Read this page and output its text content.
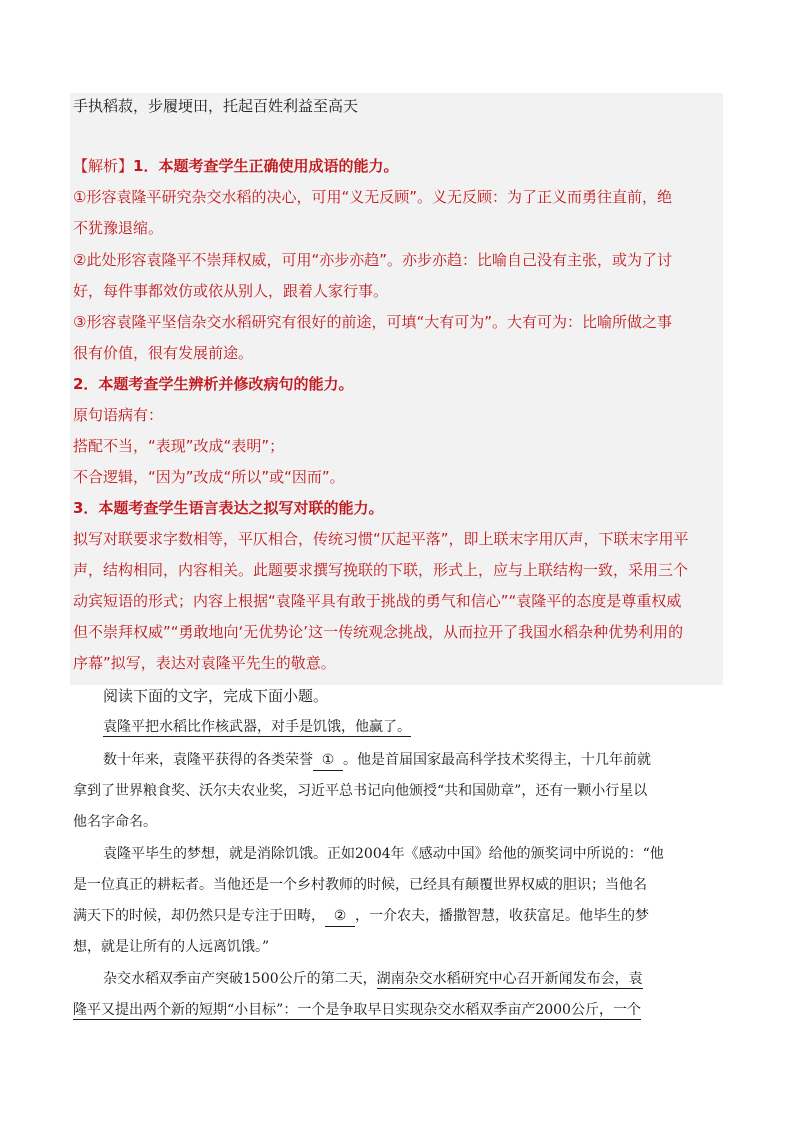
手执稻菽，步履埂田，托起百姓利益至高天
【解析】1．本题考查学生正确使用成语的能力。
①形容袁隆平研究杂交水稻的决心，可用“义无反顾”。义无反顾：为了正义而勇往直前，绝
不犹豫退缩。
②此处形容袁隆平不崇拜权威，可用“亦步亦趋”。亦步亦趋：比喻自己没有主张，或为了讨
好，每件事都效仿或依从别人，跟着人家行事。
③形容袁隆平坚信杂交水稻研究有很好的前途，可填“大有可为”。大有可为：比喻所做之事
很有价值，很有发展前途。
2．本题考查学生辨析并修改病句的能力。
原句语病有：
搭配不当，“表现”改成“表明”；
不合逻辑，“因为”改成“所以”或“因而”。
3．本题考查学生语言表达之拟写对联的能力。
拟写对联要求字数相等，平仄相合，传统习惯“仄起平落”，即上联末字用仄声，下联末字用平
声，结构相同，内容相关。此题要求撰写挽联的下联，形式上，应与上联结构一致，采用三个
动宾短语的形式；内容上根据“袁隆平具有敢于挑战的勇气和信心”“袁隆平的态度是尊重权威
但不崇拜权威”“勇敢地向‘无优势论’这一传统观念挑战，从而拉开了我国水稻杂种优势利用的
序幕”拟写，表达对袁隆平先生的敬意。
阅读下面的文字，完成下面小题。
袁隆平把水稻比作核武器，对手是饥饿，他赢了。
数十年来，袁隆平获得的各类荣誉 ① 。他是首届国家最高科学技术奖得主，十几年前就
拿到了世界粮食奖、沃尔夫农业奖，习近平总书记向他颁授“共和国勋章”，还有一颗小行星以
他名字命名。
袁隆平毕生的梦想，就是消除饥饿。正如2004年《感动中国》给他的颁奖词中所说的：“他
是一位真正的耕耘者。当他还是一个乡村教师的时候，已经具有颠覆世界权威的胆识；当他名
满天下的时候，却仍然只是专注于田畴， ② ，一介农夫，播撒智慧，收获富足。他毕生的梦
想，就是让所有的人远离饥饿。”
杂交水稻双季亩产突破1500公斤的第二天，湖南杂交水稻研究中心召开新闻发布会，袁
隆平又提出两个新的短期“小目标”：一个是争取早日实现杂交水稻双季亩产2000公斤，一个
